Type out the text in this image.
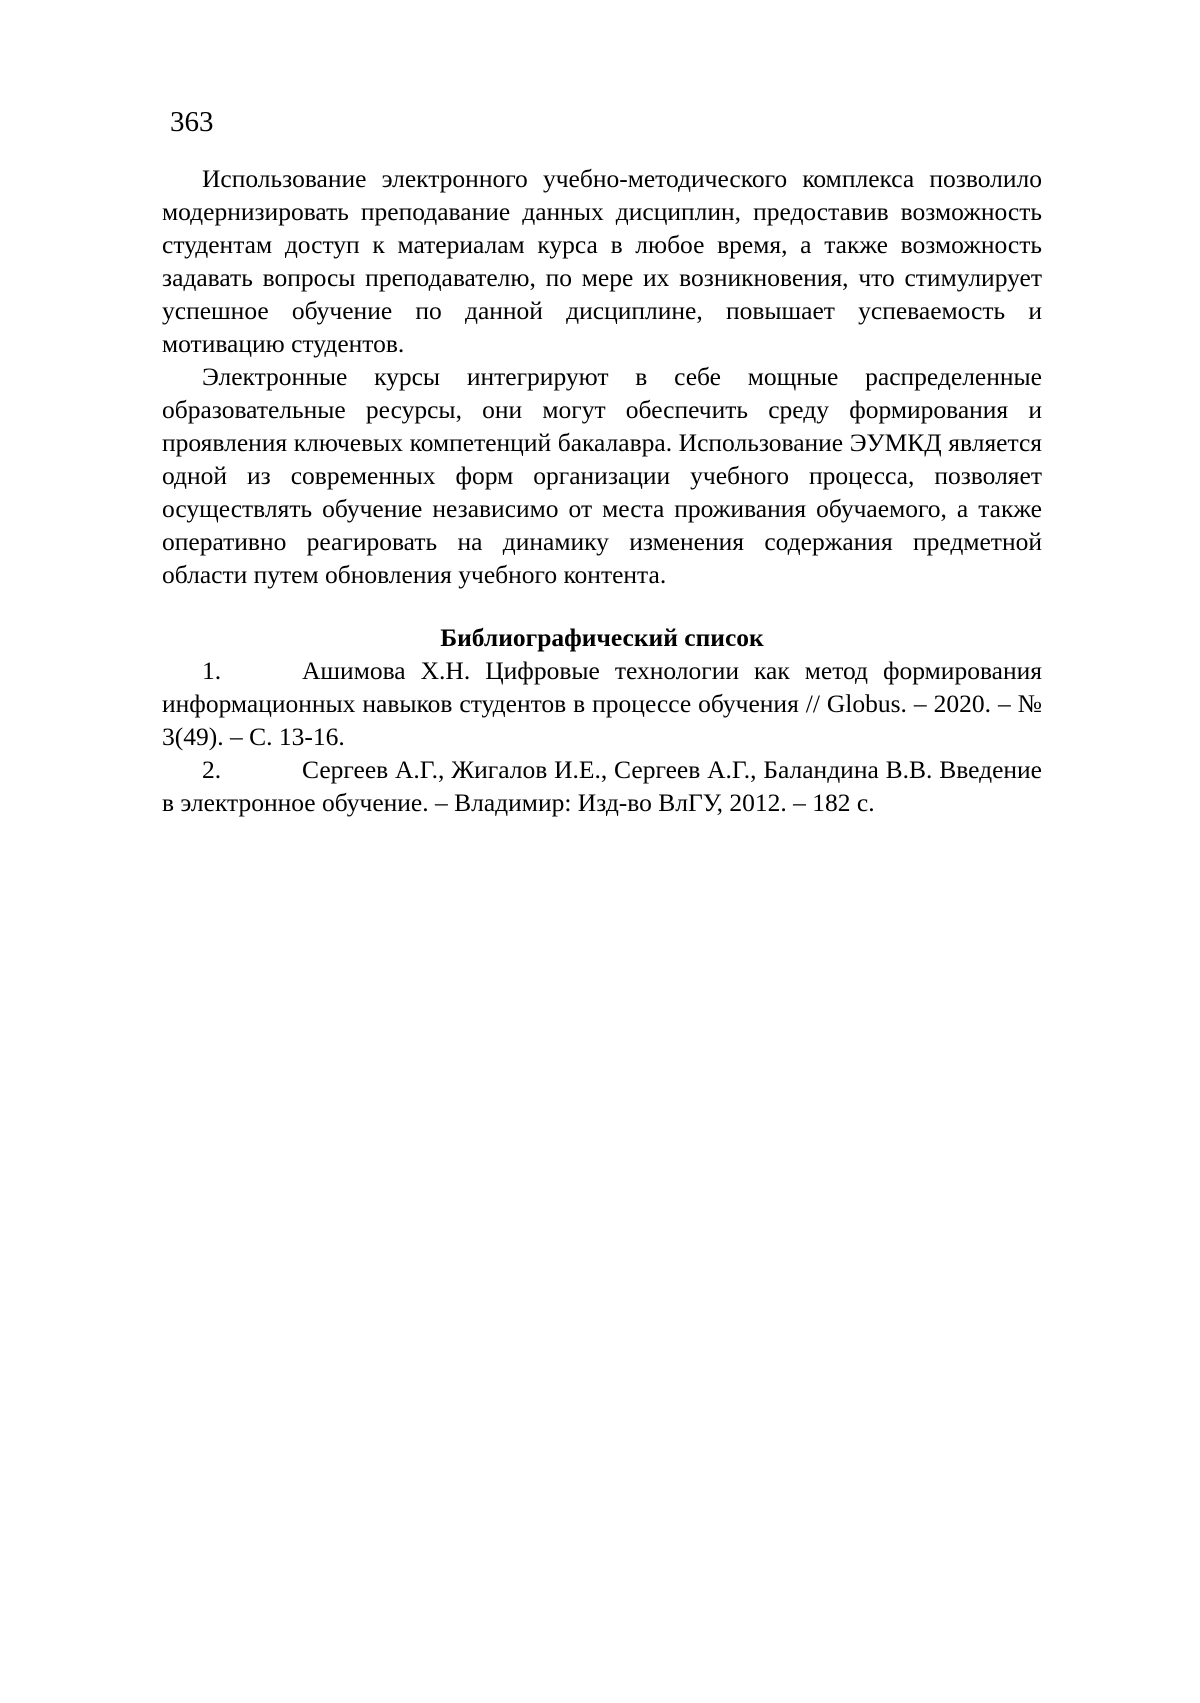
363

Использование электронного учебно-методического комплекса позволило модернизировать преподавание данных дисциплин, предоставив возможность студентам доступ к материалам курса в любое время, а также возможность задавать вопросы преподавателю, по мере их возникновения, что стимулирует успешное обучение по данной дисциплине, повышает успеваемость и мотивацию студентов.

Электронные курсы интегрируют в себе мощные распределенные образовательные ресурсы, они могут обеспечить среду формирования и проявления ключевых компетенций бакалавра. Использование ЭУМКД является одной из современных форм организации учебного процесса, позволяет осуществлять обучение независимо от места проживания обучаемого, а также оперативно реагировать на динамику изменения содержания предметной области путем обновления учебного контента.

Библиографический список

1.	Ашимова Х.Н. Цифровые технологии как метод формирования информационных навыков студентов в процессе обучения // Globus. – 2020. – № 3(49). – С. 13-16.

2.	Сергеев А.Г., Жигалов И.Е., Сергеев А.Г., Баландина В.В. Введение в электронное обучение. – Владимир: Изд-во ВлГУ, 2012. – 182 с.
